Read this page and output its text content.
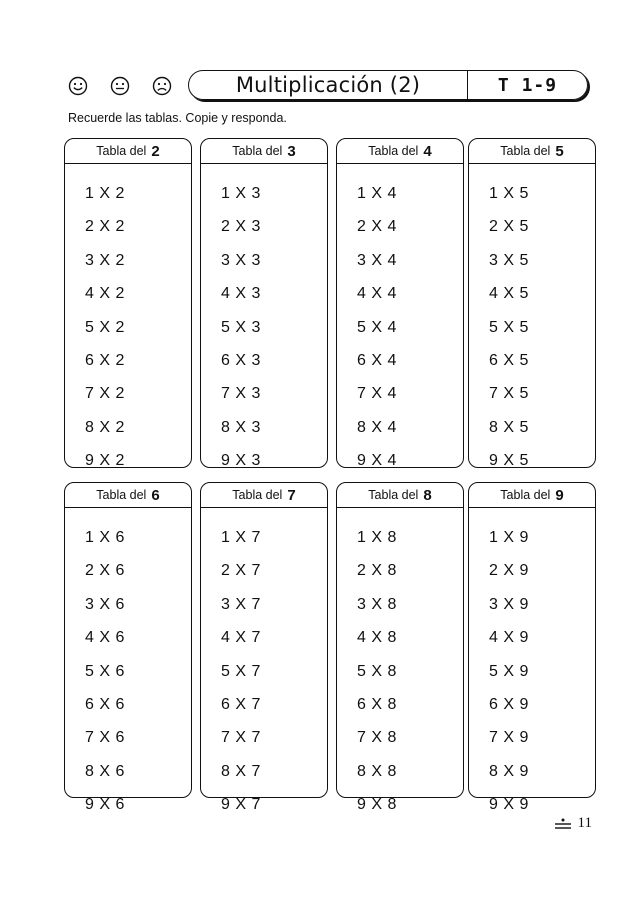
Multiplicación (2)	T 1-9
Recuerde las tablas. Copie y responda.
Tabla del 2
1 X 2
2 X 2
3 X 2
4 X 2
5 X 2
6 X 2
7 X 2
8 X 2
9 X 2
Tabla del 3
1 X 3
2 X 3
3 X 3
4 X 3
5 X 3
6 X 3
7 X 3
8 X 3
9 X 3
Tabla del 4
1 X 4
2 X 4
3 X 4
4 X 4
5 X 4
6 X 4
7 X 4
8 X 4
9 X 4
Tabla del 5
1 X 5
2 X 5
3 X 5
4 X 5
5 X 5
6 X 5
7 X 5
8 X 5
9 X 5
Tabla del 6
1 X 6
2 X 6
3 X 6
4 X 6
5 X 6
6 X 6
7 X 6
8 X 6
9 X 6
Tabla del 7
1 X 7
2 X 7
3 X 7
4 X 7
5 X 7
6 X 7
7 X 7
8 X 7
9 X 7
Tabla del 8
1 X 8
2 X 8
3 X 8
4 X 8
5 X 8
6 X 8
7 X 8
8 X 8
9 X 8
Tabla del 9
1 X 9
2 X 9
3 X 9
4 X 9
5 X 9
6 X 9
7 X 9
8 X 9
9 X 9
11
